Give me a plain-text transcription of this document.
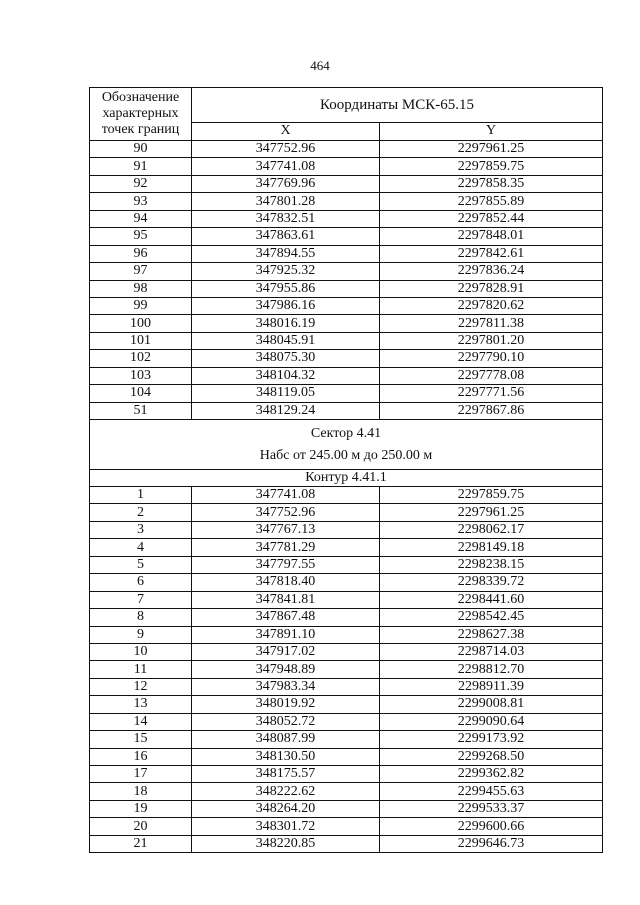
464
Обозначение характерных точек границ	Координаты МСК-65.15	
	X	Y
90	347752.96	2297961.25
91	347741.08	2297859.75
92	347769.96	2297858.35
93	347801.28	2297855.89
94	347832.51	2297852.44
95	347863.61	2297848.01
96	347894.55	2297842.61
97	347925.32	2297836.24
98	347955.86	2297828.91
99	347986.16	2297820.62
100	348016.19	2297811.38
101	348045.91	2297801.20
102	348075.30	2297790.10
103	348104.32	2297778.08
104	348119.05	2297771.56
51	348129.24	2297867.86

Сектор 4.41
Набс от 245.00 м до 250.00 м		

Контур 4.41.1		
1	347741.08	2297859.75
2	347752.96	2297961.25
3	347767.13	2298062.17
4	347781.29	2298149.18
5	347797.55	2298238.15
6	347818.40	2298339.72
7	347841.81	2298441.60
8	347867.48	2298542.45
9	347891.10	2298627.38
10	347917.02	2298714.03
11	347948.89	2298812.70
12	347983.34	2298911.39
13	348019.92	2299008.81
14	348052.72	2299090.64
15	348087.99	2299173.92
16	348130.50	2299268.50
17	348175.57	2299362.82
18	348222.62	2299455.63
19	348264.20	2299533.37
20	348301.72	2299600.66
21	348220.85	2299646.73
